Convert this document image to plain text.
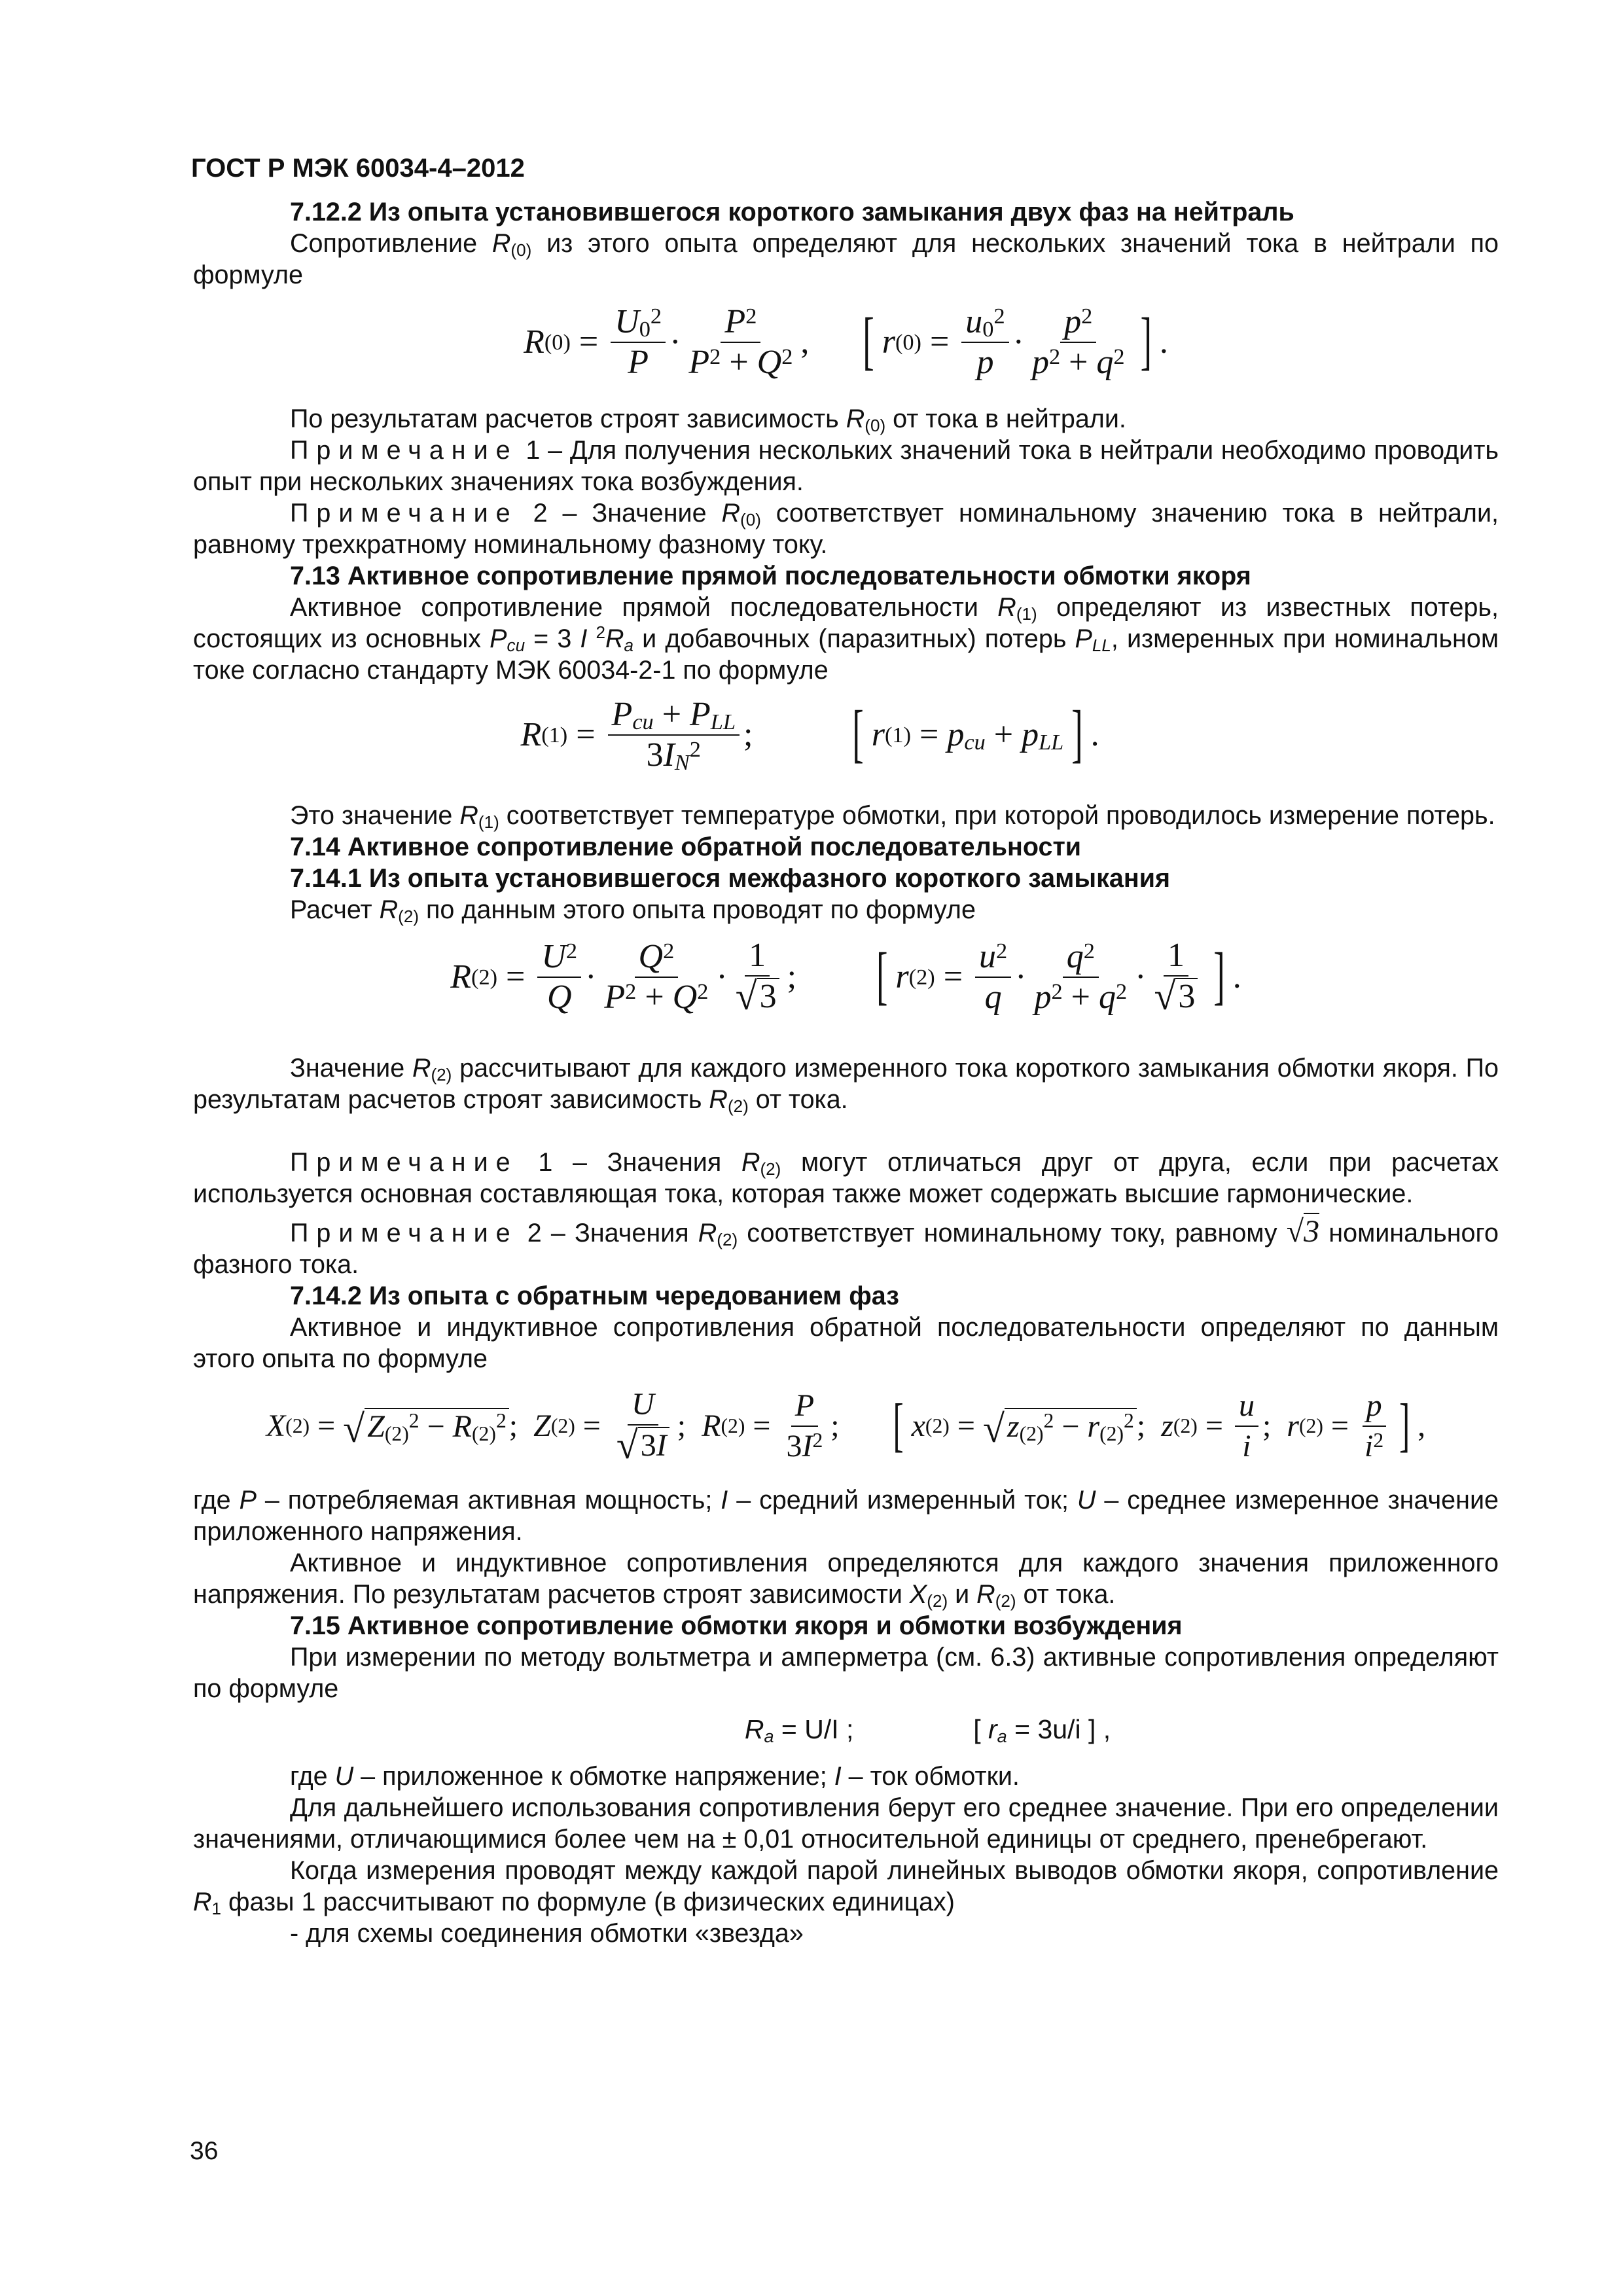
ГОСТ Р МЭК 60034-4–2012

7.12.2 Из опыта установившегося короткого замыкания двух фаз на нейтраль

Сопротивление $R_{(0)}$ из этого опыта определяют для нескольких значений тока в нейтрали по формуле

R $(0) = \frac{U_0^2}{P} \cdot \frac{P^2}{P^2 + Q^2}$ , [ r $(0) = \frac{u_0^2}{p} \cdot \frac{p^2}{p^2 + q^2}$ ] .

По результатам расчетов строят зависимость $R_{(0)}$ от тока в нейтрали.

Примечание 1 – Для получения нескольких значений тока в нейтрали необходимо проводить опыт при нескольких значениях тока возбуждения.

Примечание 2 – Значение $R_{(0)}$ соответствует номинальному значению тока в нейтрали, равному трехкратному номинальному фазному току.

7.13 Активное сопротивление прямой последовательности обмотки якоря

Активное сопротивление прямой последовательности $R_{(1)}$ определяют из известных потерь, состоящих из основных $P_{cu} = 3$ I $^2R_a$ и добавочных (паразитных) потерь $P_{LL}$, измеренных при номинальном токе согласно стандарту МЭК 60034-2-1 по формуле

R $(1) = \frac{P_{cu} + P_{LL}}{3I_N^2}$ ;	[ r $(1) = p_{cu} + p_{LL}$ ] .

Это значение $R_{(1)}$ соответствует температуре обмотки, при которой проводилось измерение потерь.

7.14 Активное сопротивление обратной последовательности

7.14.1 Из опыта установившегося межфазного короткого замыкания

Расчет $R_{(2)}$ по данным этого опыта проводят по формуле

R $(2) = \frac{U^2}{Q} \cdot \frac{Q^2}{P^2 + Q^2} \cdot \frac{1}{√ 3}$ ; [ r $(2) = \frac{u^2}{q} \cdot \frac{q^2}{p^2 + q^2} \cdot \frac{1}{√ 3}$ ] .

Значение $R_{(2)}$ рассчитывают для каждого измеренного тока короткого замыкания обмотки якоря. По результатам расчетов строят зависимость $R_{(2)}$ от тока.

Примечание 1 – Значения $R_{(2)}$ могут отличаться друг от друга, если при расчетах используется основная составляющая тока, которая также может содержать высшие гармонические.

Примечание 2 – Значения $R_{(2)}$ соответствует номинальному току, равному √3 номинального фазного тока.

7.14.2 Из опыта с обратным чередованием фаз

Активное и индуктивное сопротивления обратной последовательности определяют по данным этого опыта по формуле

X (2) = √ $Z_{(2)}^2 - R_{(2)}^2$ ; Z $(2) = \frac{U}{√ 3I}$ ; R $(2) = \frac{P}{3I^2}$ ; [ x (2) = √ $z_{(2)}^2 - r_{(2)}^2$ ; z $(2) = \frac{u}{i}$ ; r $(2) = \frac{p}{i^2}$ ] ,

где P – потребляемая активная мощность; I – средний измеренный ток; U – среднее измеренное значение приложенного напряжения.

Активное и индуктивное сопротивления определяются для каждого значения приложенного напряжения. По результатам расчетов строят зависимости $X_{(2)}$ и $R_{(2)}$ от тока.

7.15 Активное сопротивление обмотки якоря и обмотки возбуждения

При измерении по методу вольтметра и амперметра (см. 6.3) активные сопротивления определяют по формуле

$R_a = U/I$ ;	[ $r_a = 3u/i$ ] ,

где U – приложенное к обмотке напряжение; I – ток обмотки.

Для дальнейшего использования сопротивления берут его среднее значение. При его определении значениями, отличающимися более чем на ± 0,01 относительной единицы от среднего, пренебрегают.

Когда измерения проводят между каждой парой линейных выводов обмотки якоря, сопротивление $R_1$ фазы 1 рассчитывают по формуле (в физических единицах)

- для схемы соединения обмотки «звезда»

36
